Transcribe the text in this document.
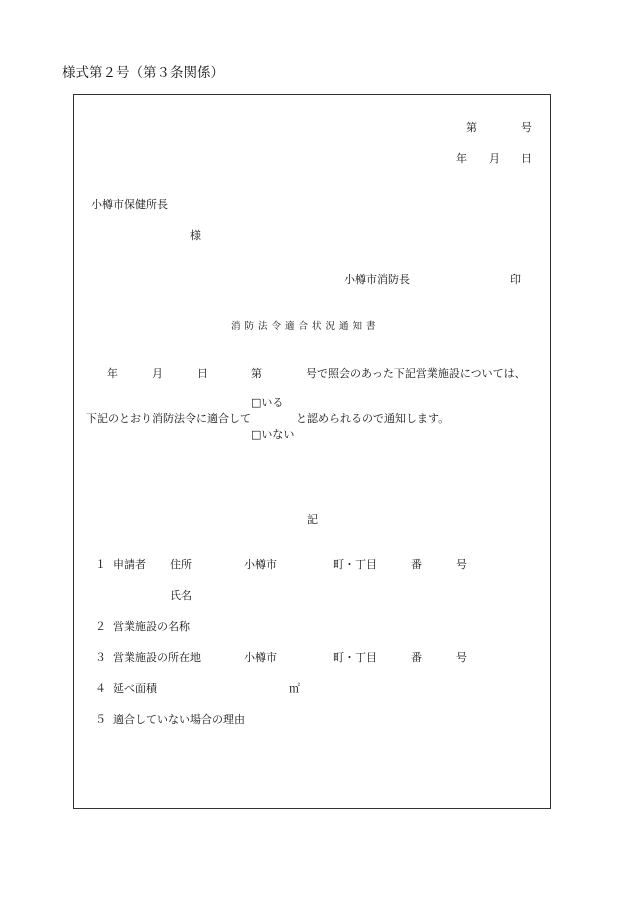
様式第２号（第３条関係）
第	号
年 月 日
小樽市保健所長
様
小樽市消防長	印
消防法令適合状況通知書
年	月	日	第	号で照会のあった下記営業施設については、
□いる
下記のとおり消防法令に適合して	と認められるので通知します。
□いない
記
１ 申請者 住所	小樽市	町・丁目	番	号
氏名
２ 営業施設の名称
３ 営業施設の所在地	小樽市	町・丁目	番	号
４ 延べ面積	㎡
５ 適合していない場合の理由
